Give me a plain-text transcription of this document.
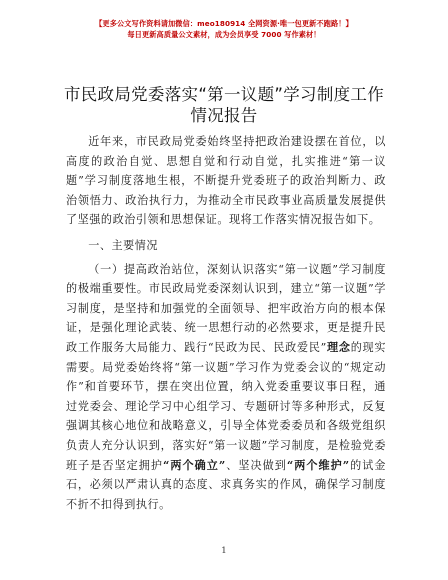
【更多公文写作资料请加微信：meo180914 全网资源·唯一包更新不跑路！】
每日更新高质量公文素材，成为会员享受 7000 写作素材！
市民政局党委落实“第一议题”学习制度工作
情况报告

近年来，市民政局党委始终坚持把政治建设摆在首位，以高度的政治自觉、思想自觉和行动自觉，扎实推进“第一议题”学习制度落地生根，不断提升党委班子的政治判断力、政治领悟力、政治执行力，为推动全市民政事业高质量发展提供了坚强的政治引领和思想保证。现将工作落实情况报告如下。

一、主要情况

（一）提高政治站位，深刻认识落实“第一议题”学习制度的极端重要性。市民政局党委深刻认识到，建立“第一议题”学习制度，是坚持和加强党的全面领导、把牢政治方向的根本保证，是强化理论武装、统一思想行动的必然要求，更是提升民政工作服务大局能力、践行“民政为民、民政爱民”理念的现实需要。局党委始终将“第一议题”学习作为党委会议的“规定动作”和首要环节，摆在突出位置，纳入党委重要议事日程，通过党委会、理论学习中心组学习、专题研讨等多种形式，反复强调其核心地位和战略意义，引导全体党委委员和各级党组织负责人充分认识到，落实好“第一议题”学习制度，是检验党委班子是否坚定拥护“两个确立”、坚决做到“两个维护”的试金石，必须以严肃认真的态度、求真务实的作风，确保学习制度不折不扣得到执行。

1
